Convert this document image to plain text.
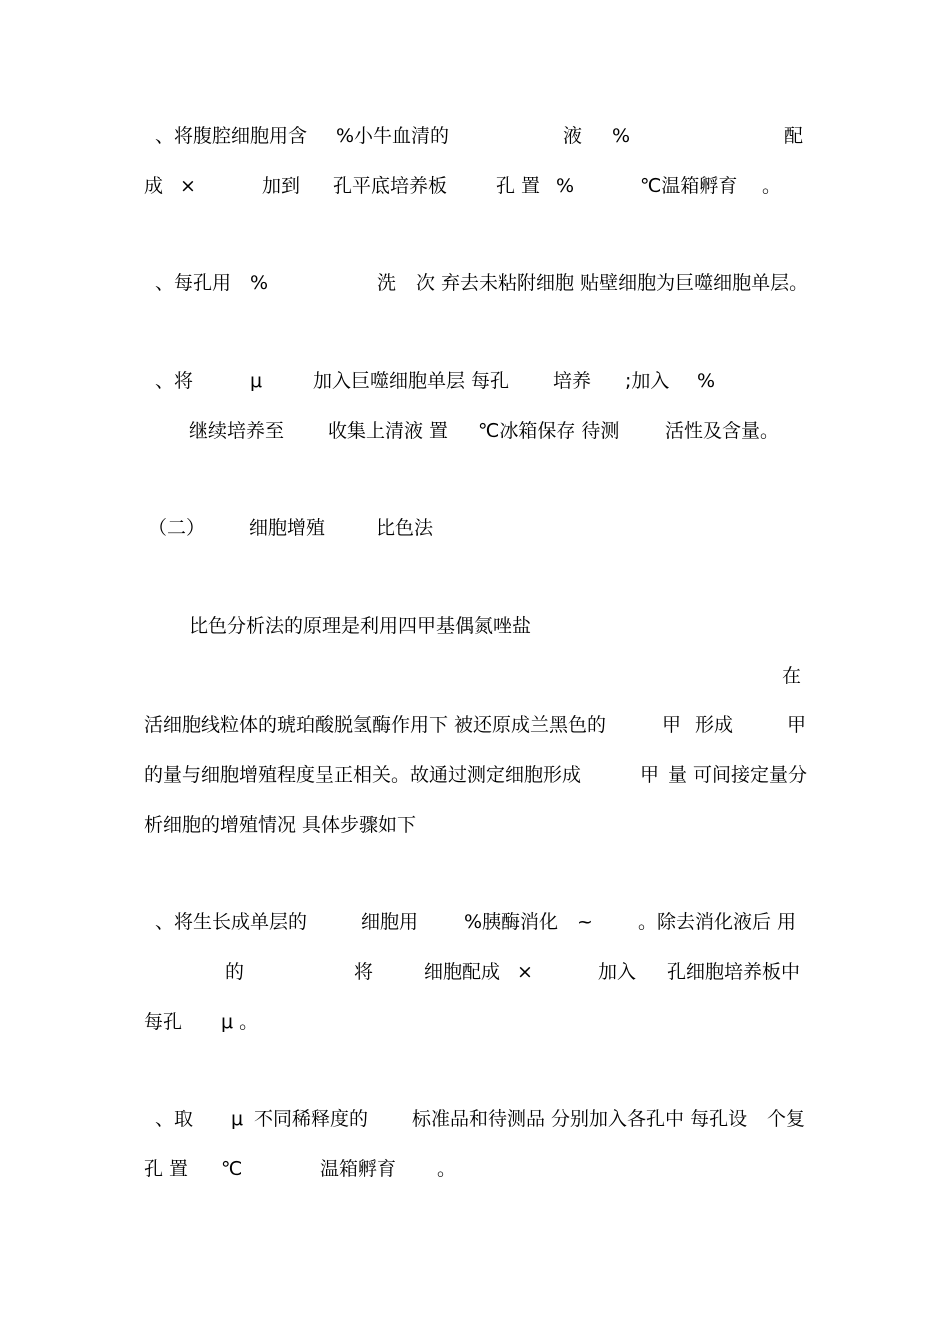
、将腹腔细胞用含 %小牛血清的	液 %	配
成 ×	加到 孔平底培养板	孔 置 %	℃温箱孵育 。
、每孔用 %	洗 次 弃去未粘附细胞 贴壁细胞为巨噬细胞单层。
、将	μ	加入巨噬细胞单层 每孔 培养 ;加入 %
继续培养至 收集上清液 置 ℃冰箱保存 待测 活性及含量。
（二） 细胞增殖	比色法
比色分析法的原理是利用四甲基偶氮唑盐
在
活细胞线粒体的琥珀酸脱氢酶作用下 被还原成兰黑色的	甲 形成	甲
的量与细胞增殖程度呈正相关。故通过测定细胞形成	甲 量 可间接定量分
析细胞的增殖情况 具体步骤如下
、将生长成单层的	细胞用 %胰酶消化 ~ 。除去消化液后 用
的	将	细胞配成 ×	加入 孔细胞培养板中
每孔 μ 。
、取 μ 不同稀释度的 标准品和待测品 分别加入各孔中 每孔设 个复
孔 置 ℃	温箱孵育 。
